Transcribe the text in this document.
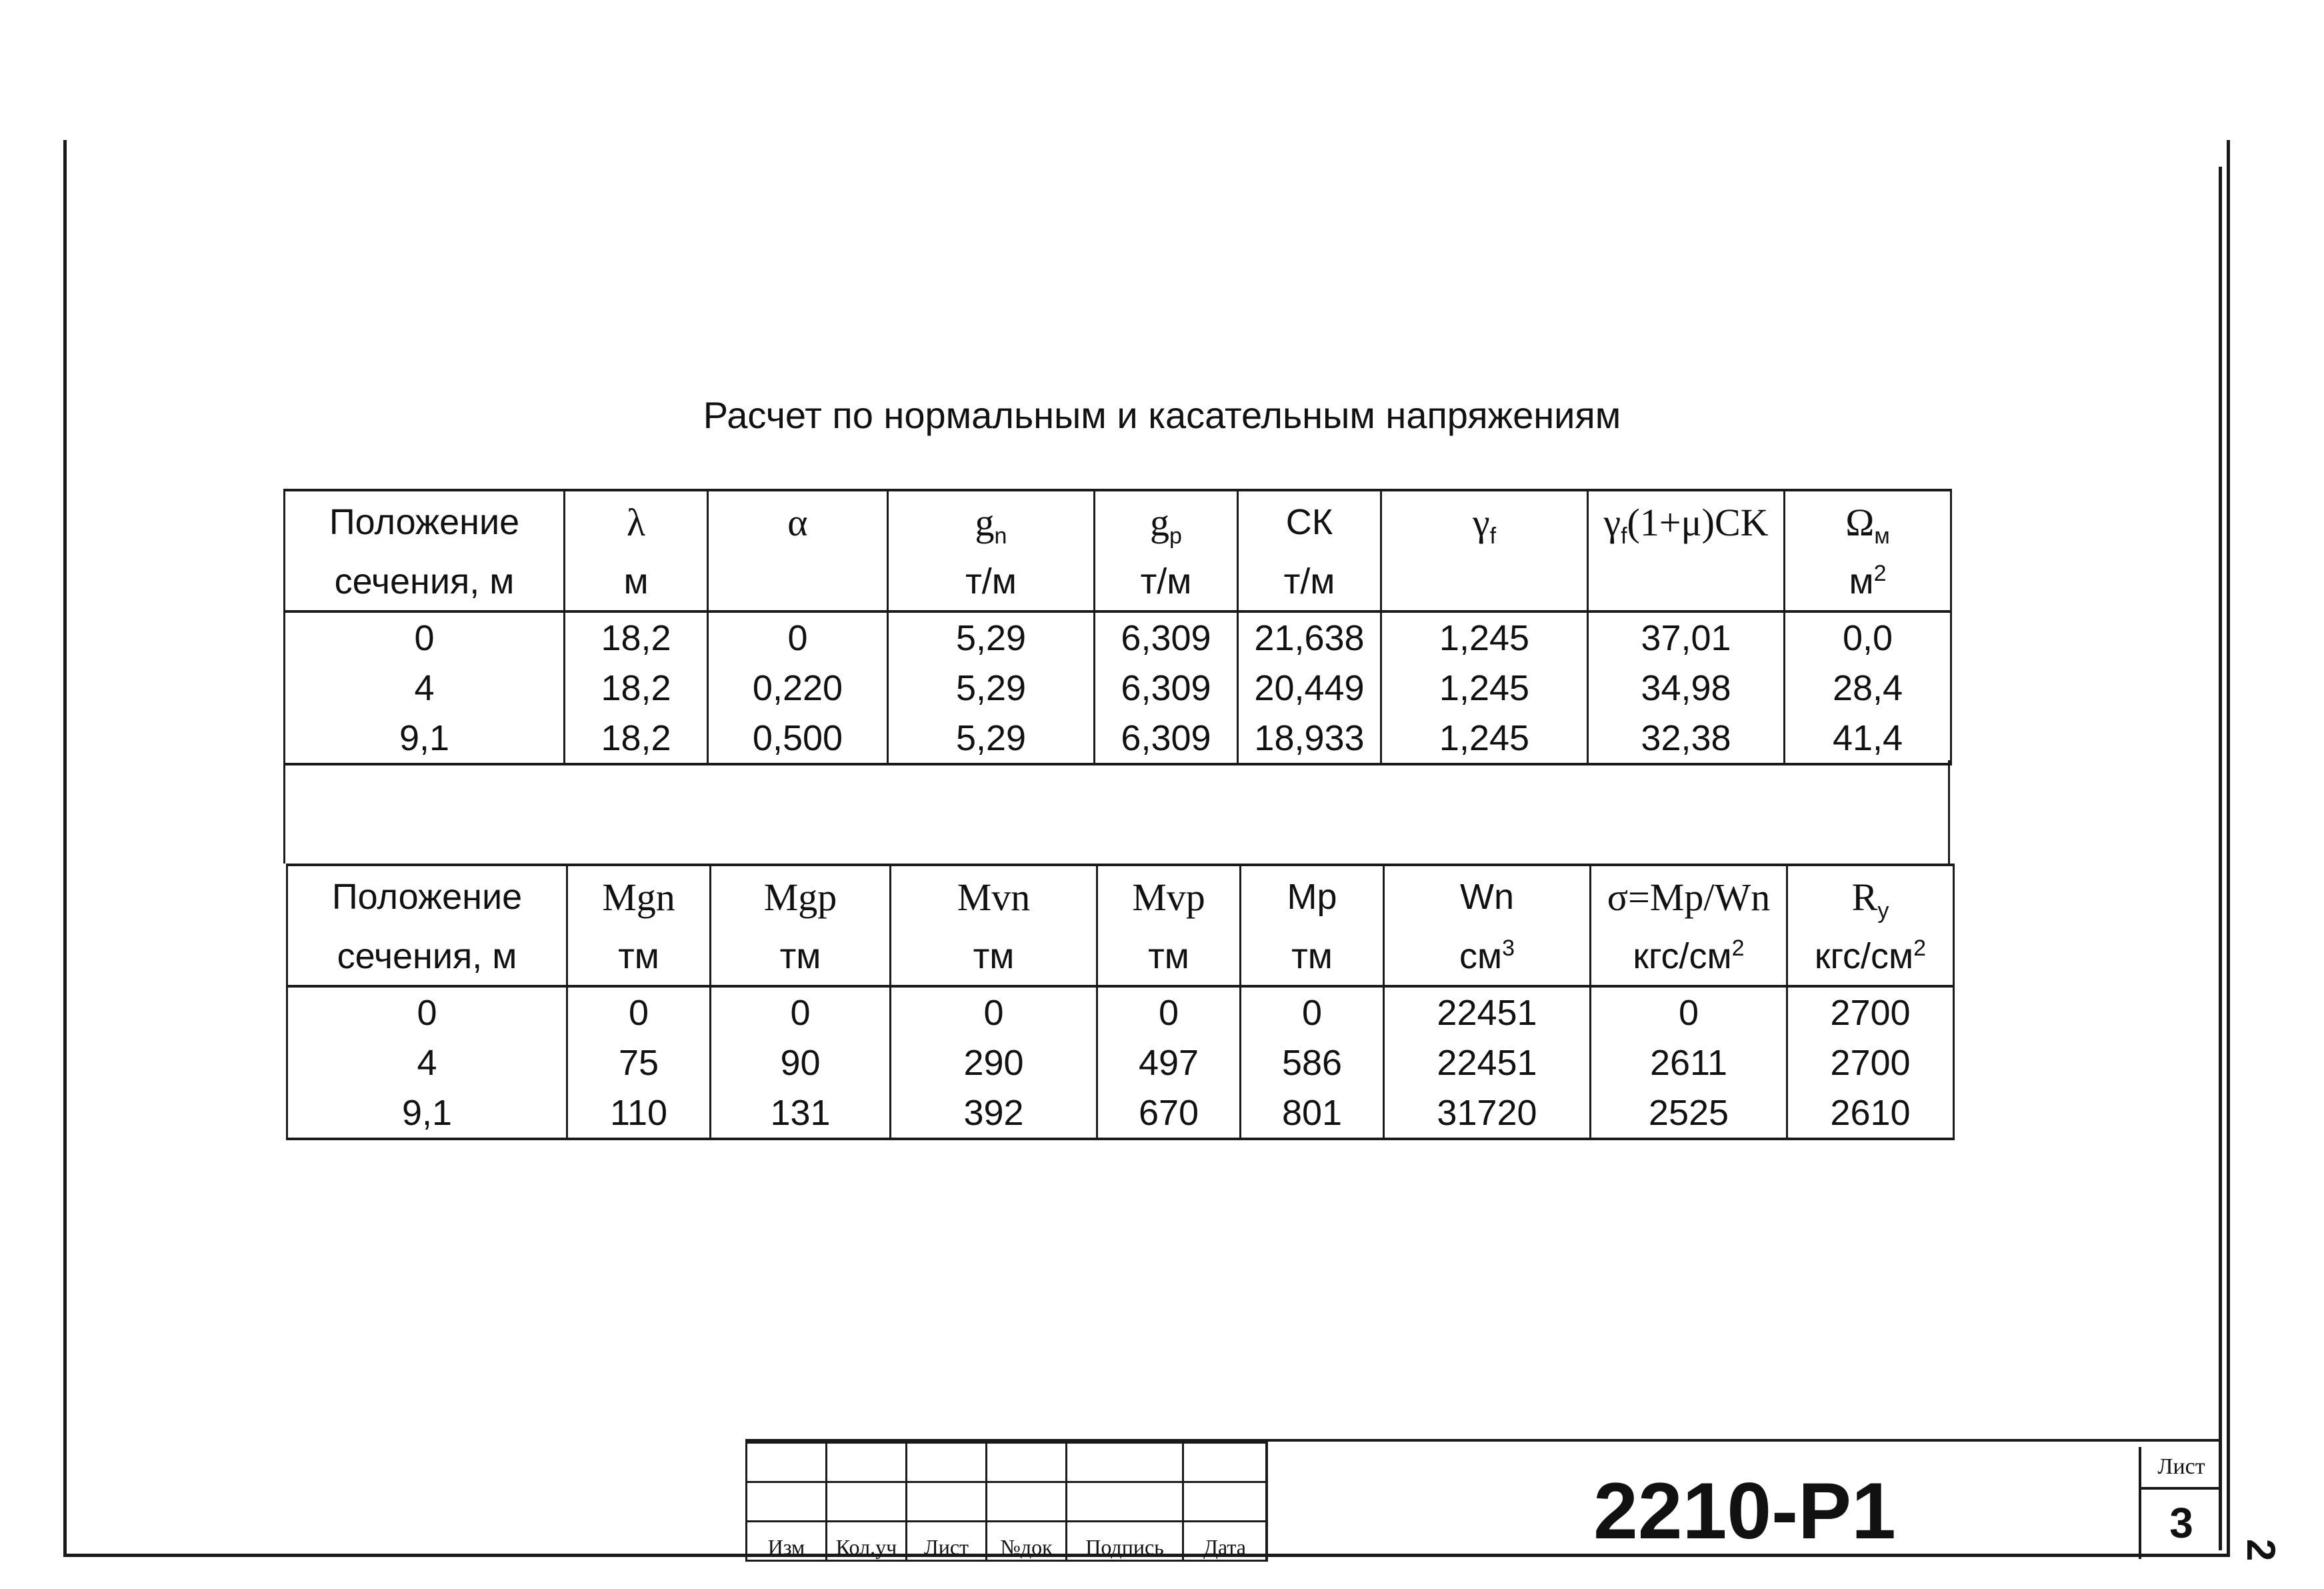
Расчет по нормальным и касательным напряжениям
Положение	λ	α	$g_n$	$g_p$	СК	$\gamma_f$	$\gamma_f(1+\mu)CK$	$\Omega_м$
сечения, м	м		т/м	т/м	т/м			$м^2$
0	18,2	0	5,29	6,309	21,638	1,245	37,01	0,0
4	18,2	0,220	5,29	6,309	20,449	1,245	34,98	28,4
9,1	18,2	0,500	5,29	6,309	18,933	1,245	32,38	41,4
Положение	Mgn	Mgp	Mvn	Mvp	Mp	Wn	σ=Mp/Wn	$R_y$
сечения, м	тм	тм	тм	тм	тм	$см^3$	кгс/$см^2$	кгс/$см^2$
0	0	0	0	0	0	22451	0	2700
4	75	90	290	497	586	22451	2611	2700
9,1	110	131	392	670	801	31720	2525	2610

Изм	Кол.уч	Лист	№док	Подпись	Дата	2210-Р1	Лист
3
2
